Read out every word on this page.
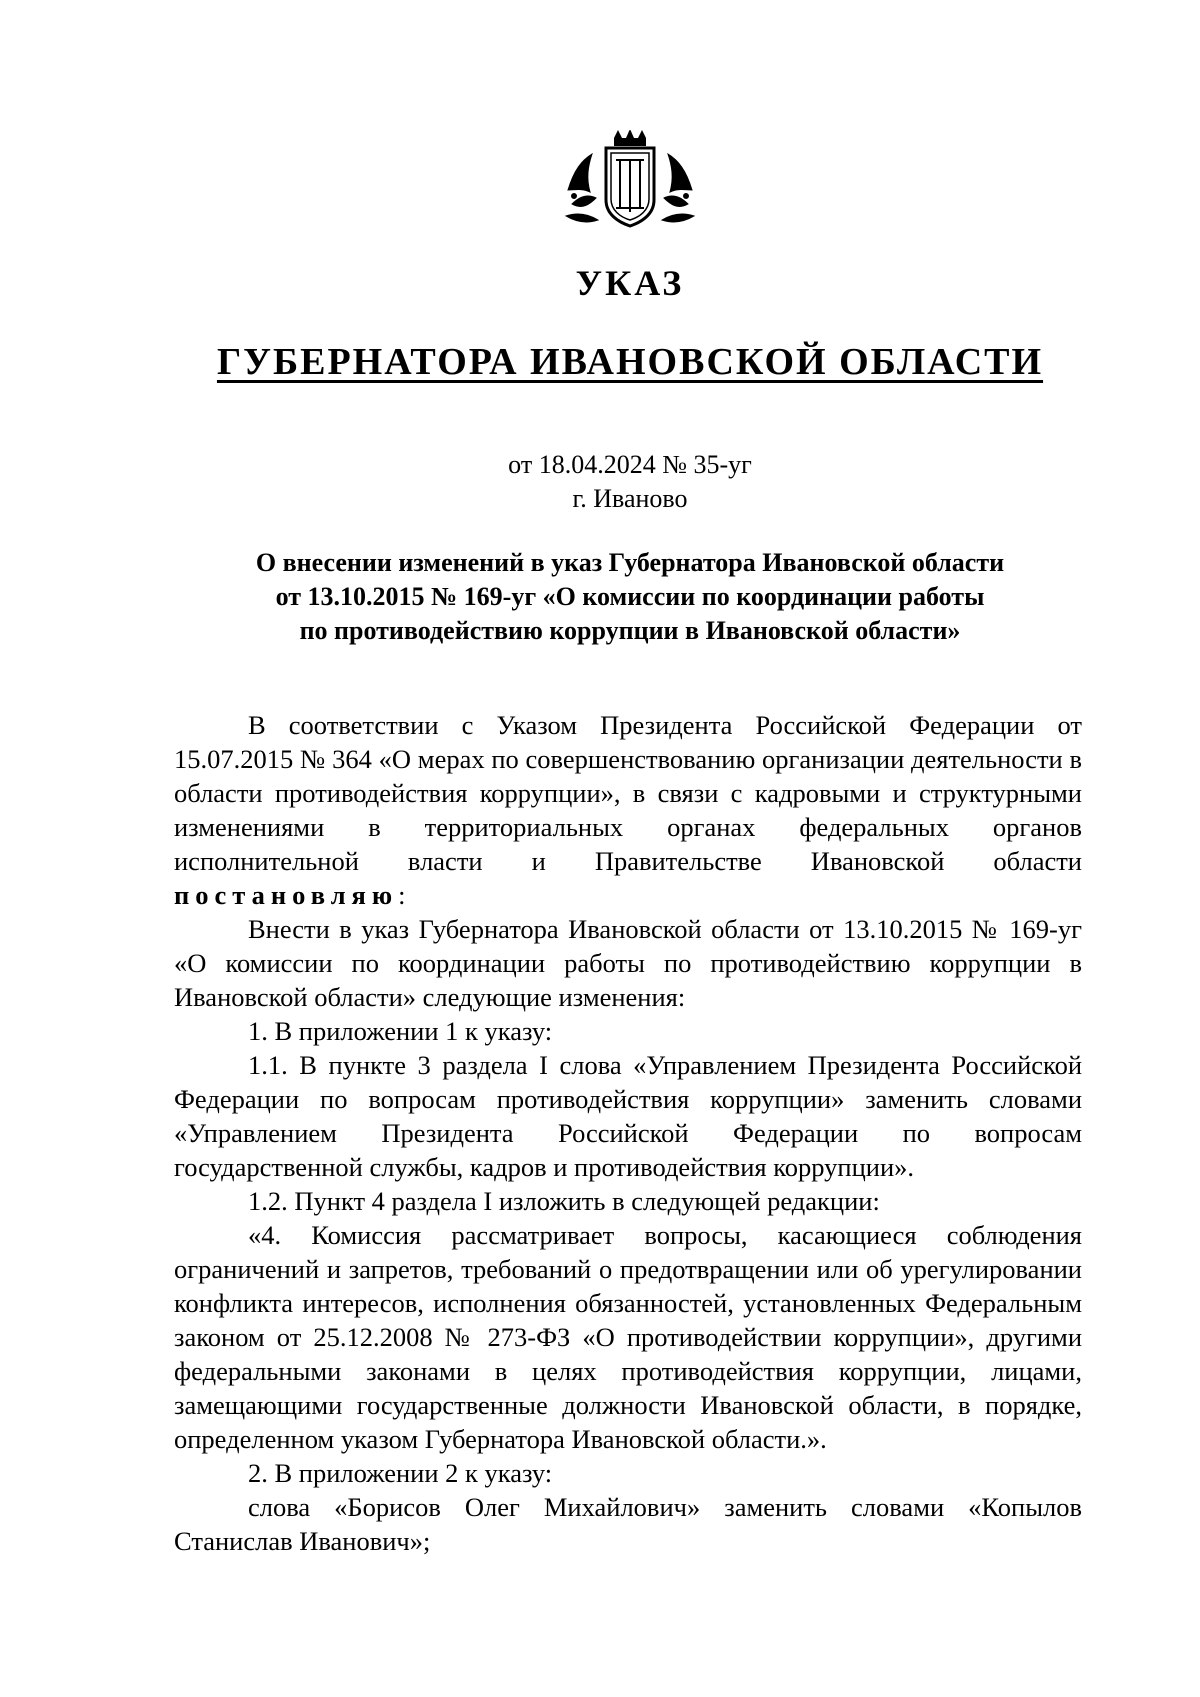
УКАЗ
ГУБЕРНАТОРА ИВАНОВСКОЙ ОБЛАСТИ
от 18.04.2024 № 35-уг
г. Иваново
О внесении изменений в указ Губернатора Ивановской области
от 13.10.2015 № 169-уг «О комиссии по координации работы
по противодействию коррупции в Ивановской области»

В соответствии с Указом Президента Российской Федерации от 15.07.2015 № 364 «О мерах по совершенствованию организации деятельности в области противодействия коррупции», в связи с кадровыми и структурными изменениями в территориальных органах федеральных органов исполнительной власти и Правительстве Ивановской области постановляю:

Внести в указ Губернатора Ивановской области от 13.10.2015 № 169-уг «О комиссии по координации работы по противодействию коррупции в Ивановской области» следующие изменения:

1. В приложении 1 к указу:

1.1. В пункте 3 раздела I слова «Управлением Президента Российской Федерации по вопросам противодействия коррупции» заменить словами «Управлением Президента Российской Федерации по вопросам государственной службы, кадров и противодействия коррупции».

1.2. Пункт 4 раздела I изложить в следующей редакции:

«4. Комиссия рассматривает вопросы, касающиеся соблюдения ограничений и запретов, требований о предотвращении или об урегулировании конфликта интересов, исполнения обязанностей, установленных Федеральным законом от 25.12.2008 № 273-ФЗ «О противодействии коррупции», другими федеральными законами в целях противодействия коррупции, лицами, замещающими государственные должности Ивановской области, в порядке, определенном указом Губернатора Ивановской области.».

2. В приложении 2 к указу:

слова «Борисов Олег Михайлович» заменить словами «Копылов Станислав Иванович»;
